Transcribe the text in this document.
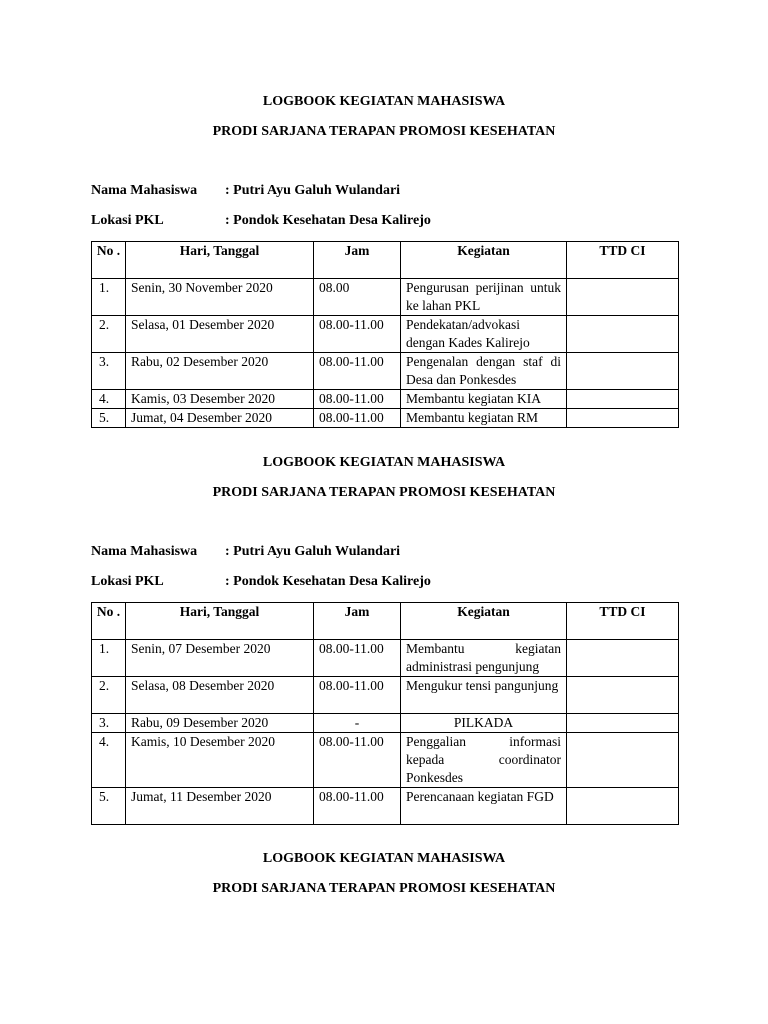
LOGBOOK KEGIATAN MAHASISWA
PRODI SARJANA TERAPAN PROMOSI KESEHATAN
Nama Mahasiswa : Putri Ayu Galuh Wulandari
Lokasi PKL	: Pondok Kesehatan Desa Kalirejo
No .	Hari, Tanggal	Jam	Kegiatan	TTD CI
1.	Senin, 30 November 2020	08.00	Pengurusan perijinan untuk ke lahan PKL	
2.	Selasa, 01 Desember 2020	08.00-11.00	Pendekatan/advokasi dengan Kades Kalirejo	
3.	Rabu, 02 Desember 2020	08.00-11.00	Pengenalan dengan staf di Desa dan Ponkesdes	
4.	Kamis, 03 Desember 2020	08.00-11.00	Membantu kegiatan KIA	
5.	Jumat, 04 Desember 2020	08.00-11.00	Membantu kegiatan RM	
LOGBOOK KEGIATAN MAHASISWA
PRODI SARJANA TERAPAN PROMOSI KESEHATAN
Nama Mahasiswa : Putri Ayu Galuh Wulandari
Lokasi PKL	: Pondok Kesehatan Desa Kalirejo
No .	Hari, Tanggal	Jam	Kegiatan	TTD CI
1.	Senin, 07 Desember 2020	08.00-11.00	Membantu kegiatan administrasi pengunjung	
2.	Selasa, 08 Desember 2020	08.00-11.00	Mengukur tensi pangunjung	
3.	Rabu, 09 Desember 2020	-	PILKADA	
4.	Kamis, 10 Desember 2020	08.00-11.00	Penggalian informasi kepada coordinator Ponkesdes	
5.	Jumat, 11 Desember 2020	08.00-11.00	Perencanaan kegiatan FGD	
LOGBOOK KEGIATAN MAHASISWA
PRODI SARJANA TERAPAN PROMOSI KESEHATAN
